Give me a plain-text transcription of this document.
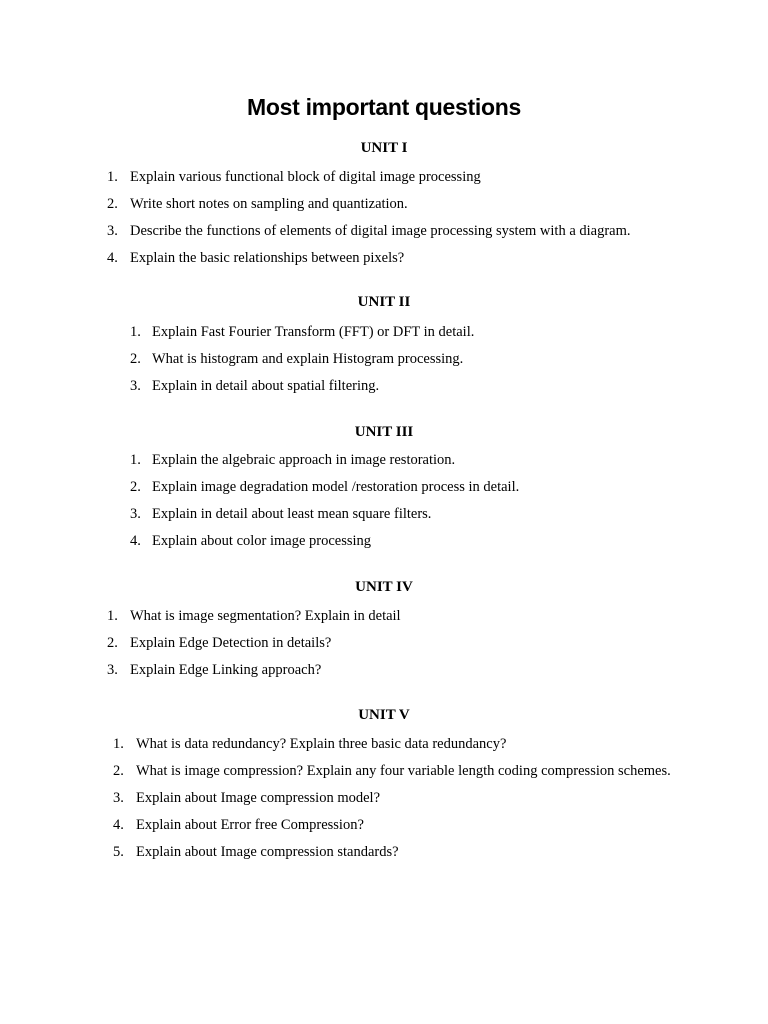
Most important questions
UNIT I
1. Explain various functional block of digital image processing
2. Write short notes on sampling and quantization.
3. Describe the functions of elements of digital image processing system with a diagram.
4. Explain the basic relationships between pixels?
UNIT II
1. Explain Fast Fourier Transform (FFT) or DFT in detail.
2. What is histogram and explain Histogram processing.
3. Explain in detail about spatial filtering.
UNIT III
1. Explain the algebraic approach in image restoration.
2. Explain image degradation model /restoration process in detail.
3. Explain in detail about least mean square filters.
4. Explain about color image processing
UNIT IV
1. What is image segmentation? Explain in detail
2. Explain Edge Detection in details?
3. Explain Edge Linking approach?
UNIT V
1. What is data redundancy? Explain three basic data redundancy?
2. What is image compression? Explain any four variable length coding compression schemes.
3. Explain about Image compression model?
4. Explain about Error free Compression?
5. Explain about Image compression standards?
